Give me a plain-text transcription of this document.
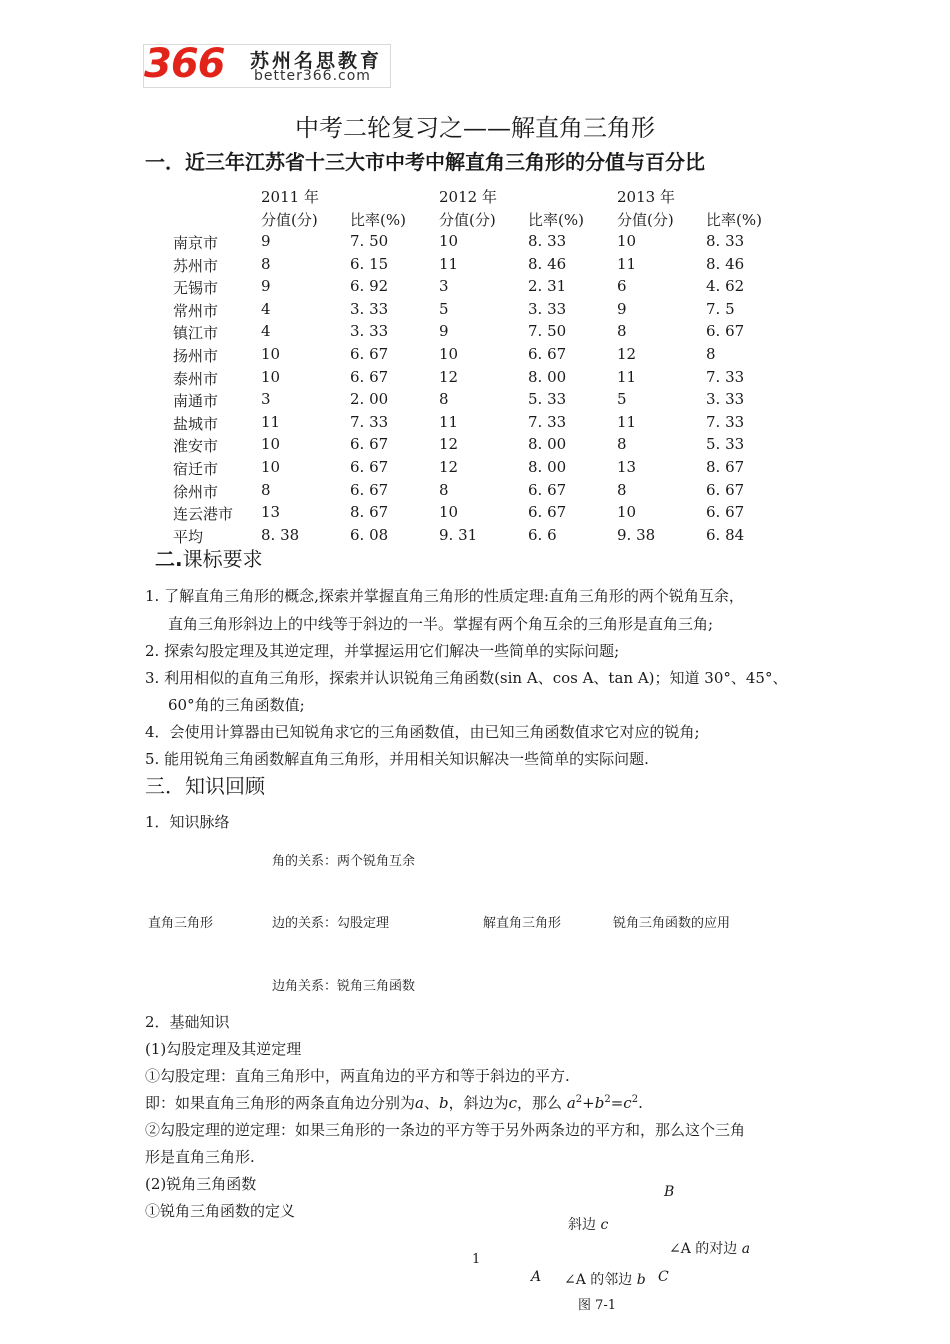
366 苏州名思教育
better366.com
中考二轮复习之——解直角三角形
一．近三年江苏省十三大市中考中解直角三角形的分值与百分比
2011 年	2012 年	2013 年
分值(分) 比率(%) 分值(分) 比率(%) 分值(分) 比率(%)
南京市	9	7. 50	10	8. 33	10	8. 33
苏州市	8	6. 15	11	8. 46	11	8. 46
无锡市	9	6. 92	3	2. 31	6	4. 62
常州市	4	3. 33	5	3. 33	9	7. 5
镇江市	4	3. 33	9	7. 50	8	6. 67
扬州市	10	6. 67	10	6. 67	12	8
泰州市	10	6. 67	12	8. 00	11	7. 33
南通市	3	2. 00	8	5. 33	5	3. 33
盐城市	11	7. 33	11	7. 33	11	7. 33
淮安市	10	6. 67	12	8. 00	8	5. 33
宿迁市	10	6. 67	12	8. 00	13	8. 67
徐州市	8	6. 67	8	6. 67	8	6. 67
连云港市 13	8. 67	10	6. 67	10	6. 67
平均	8. 38	6. 08	9. 31	6. 6	9. 38	6. 84
二.课标要求
1. 了解直角三角形的概念,探索并掌握直角三角形的性质定理:直角三角形的两个锐角互余，
直角三角形斜边上的中线等于斜边的一半。掌握有两个角互余的三角形是直角三角;
2. 探索勾股定理及其逆定理，并掌握运用它们解决一些简单的实际问题;
3. 利用相似的直角三角形，探索并认识锐角三角函数(sin A、cos A、tan A)；知道 30°、45°、
60°角的三角函数值;
4．会使用计算器由已知锐角求它的三角函数值，由已知三角函数值求它对应的锐角;
5. 能用锐角三角函数解直角三角形，并用相关知识解决一些简单的实际问题.
三．知识回顾
1．知识脉络
角的关系：两个锐角互余
直角三角形	边的关系：勾股定理	解直角三角形	锐角三角函数的应用
边角关系：锐角三角函数
2．基础知识
(1)勾股定理及其逆定理
①勾股定理：直角三角形中，两直角边的平方和等于斜边的平方.
即：如果直角三角形的两条直角边分别为a、b，斜边为c，那么 $a^2+b^2=c^2$.
②勾股定理的逆定理：如果三角形的一条边的平方等于另外两条边的平方和，那么这个三角
形是直角三角形.
(2)锐角三角函数
①锐角三角函数的定义
B
斜边 c
∠A 的对边 a
A ∠A 的邻边 b C
图 7-1
1
